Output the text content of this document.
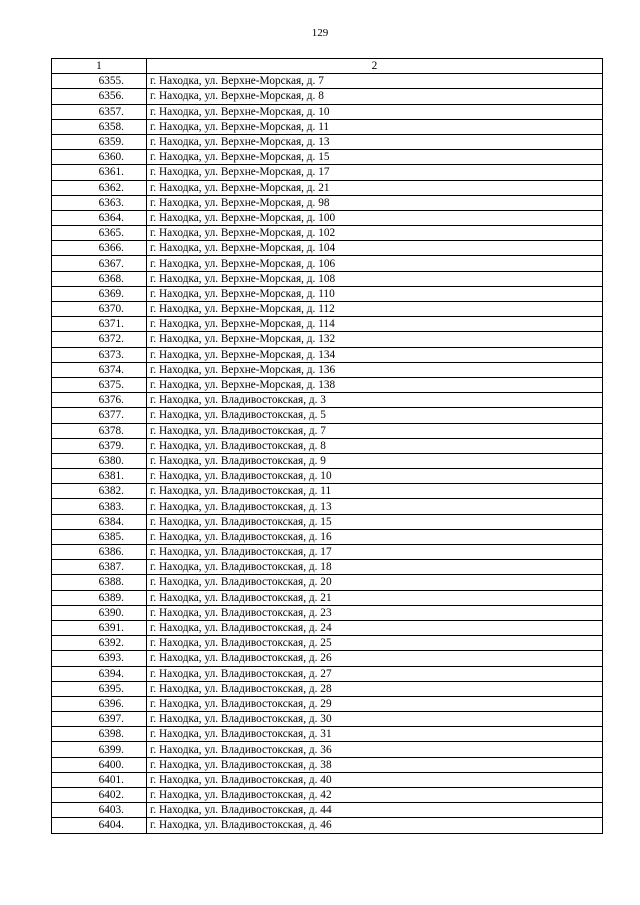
129
1	2
6355.	г. Находка, ул. Верхне-Морская, д. 7
6356.	г. Находка, ул. Верхне-Морская, д. 8
6357.	г. Находка, ул. Верхне-Морская, д. 10
6358.	г. Находка, ул. Верхне-Морская, д. 11
6359.	г. Находка, ул. Верхне-Морская, д. 13
6360.	г. Находка, ул. Верхне-Морская, д. 15
6361.	г. Находка, ул. Верхне-Морская, д. 17
6362.	г. Находка, ул. Верхне-Морская, д. 21
6363.	г. Находка, ул. Верхне-Морская, д. 98
6364.	г. Находка, ул. Верхне-Морская, д. 100
6365.	г. Находка, ул. Верхне-Морская, д. 102
6366.	г. Находка, ул. Верхне-Морская, д. 104
6367.	г. Находка, ул. Верхне-Морская, д. 106
6368.	г. Находка, ул. Верхне-Морская, д. 108
6369.	г. Находка, ул. Верхне-Морская, д. 110
6370.	г. Находка, ул. Верхне-Морская, д. 112
6371.	г. Находка, ул. Верхне-Морская, д. 114
6372.	г. Находка, ул. Верхне-Морская, д. 132
6373.	г. Находка, ул. Верхне-Морская, д. 134
6374.	г. Находка, ул. Верхне-Морская, д. 136
6375.	г. Находка, ул. Верхне-Морская, д. 138
6376.	г. Находка, ул. Владивостокская, д. 3
6377.	г. Находка, ул. Владивостокская, д. 5
6378.	г. Находка, ул. Владивостокская, д. 7
6379.	г. Находка, ул. Владивостокская, д. 8
6380.	г. Находка, ул. Владивостокская, д. 9
6381.	г. Находка, ул. Владивостокская, д. 10
6382.	г. Находка, ул. Владивостокская, д. 11
6383.	г. Находка, ул. Владивостокская, д. 13
6384.	г. Находка, ул. Владивостокская, д. 15
6385.	г. Находка, ул. Владивостокская, д. 16
6386.	г. Находка, ул. Владивостокская, д. 17
6387.	г. Находка, ул. Владивостокская, д. 18
6388.	г. Находка, ул. Владивостокская, д. 20
6389.	г. Находка, ул. Владивостокская, д. 21
6390.	г. Находка, ул. Владивостокская, д. 23
6391.	г. Находка, ул. Владивостокская, д. 24
6392.	г. Находка, ул. Владивостокская, д. 25
6393.	г. Находка, ул. Владивостокская, д. 26
6394.	г. Находка, ул. Владивостокская, д. 27
6395.	г. Находка, ул. Владивостокская, д. 28
6396.	г. Находка, ул. Владивостокская, д. 29
6397.	г. Находка, ул. Владивостокская, д. 30
6398.	г. Находка, ул. Владивостокская, д. 31
6399.	г. Находка, ул. Владивостокская, д. 36
6400.	г. Находка, ул. Владивостокская, д. 38
6401.	г. Находка, ул. Владивостокская, д. 40
6402.	г. Находка, ул. Владивостокская, д. 42
6403.	г. Находка, ул. Владивостокская, д. 44
6404.	г. Находка, ул. Владивостокская, д. 46
